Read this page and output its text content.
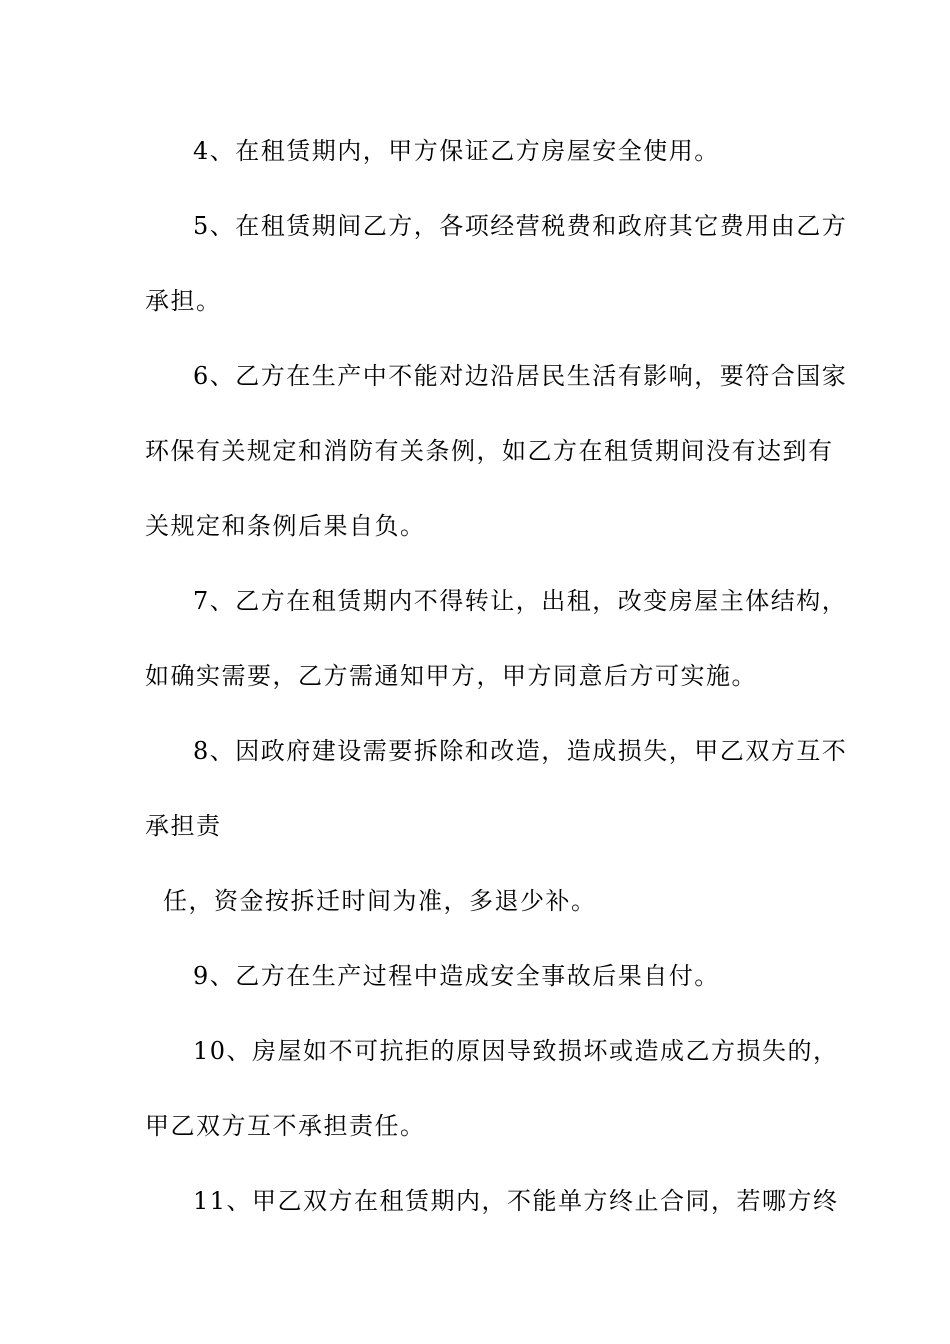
4、在租赁期内，甲方保证乙方房屋安全使用。
5、在租赁期间乙方，各项经营税费和政府其它费用由乙方
承担。
6、乙方在生产中不能对边沿居民生活有影响，要符合国家
环保有关规定和消防有关条例，如乙方在租赁期间没有达到有
关规定和条例后果自负。
7、乙方在租赁期内不得转让，出租，改变房屋主体结构，
如确实需要，乙方需通知甲方，甲方同意后方可实施。
8、因政府建设需要拆除和改造，造成损失，甲乙双方互不
承担责
任，资金按拆迁时间为准，多退少补。
9、乙方在生产过程中造成安全事故后果自付。
10、房屋如不可抗拒的原因导致损坏或造成乙方损失的，
甲乙双方互不承担责任。
11、甲乙双方在租赁期内，不能单方终止合同，若哪方终
